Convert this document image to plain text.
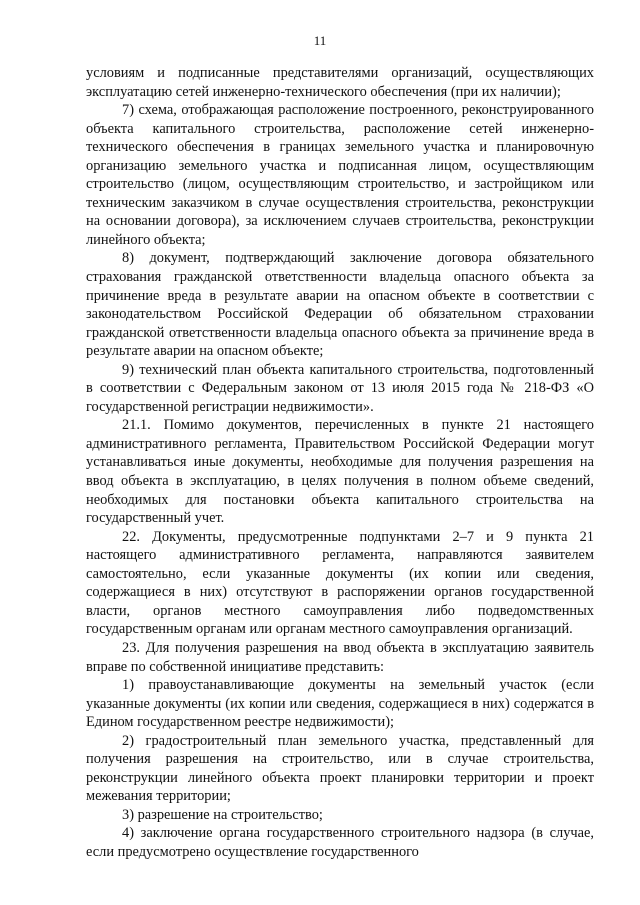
11

условиям и подписанные представителями организаций, осуществляющих эксплуатацию сетей инженерно-технического обеспечения (при их наличии);

7) схема, отображающая расположение построенного, реконструированного объекта капитального строительства, расположение сетей инженерно-технического обеспечения в границах земельного участка и планировочную организацию земельного участка и подписанная лицом, осуществляющим строительство (лицом, осуществляющим строительство, и застройщиком или техническим заказчиком в случае осуществления строительства, реконструкции на основании договора), за исключением случаев строительства, реконструкции линейного объекта;

8) документ, подтверждающий заключение договора обязательного страхования гражданской ответственности владельца опасного объекта за причинение вреда в результате аварии на опасном объекте в соответствии с законодательством Российской Федерации об обязательном страховании гражданской ответственности владельца опасного объекта за причинение вреда в результате аварии на опасном объекте;

9) технический план объекта капитального строительства, подготовленный в соответствии с Федеральным законом от 13 июля 2015 года № 218-ФЗ «О государственной регистрации недвижимости».

21.1. Помимо документов, перечисленных в пункте 21 настоящего административного регламента, Правительством Российской Федерации могут устанавливаться иные документы, необходимые для получения разрешения на ввод объекта в эксплуатацию, в целях получения в полном объеме сведений, необходимых для постановки объекта капитального строительства на государственный учет.

22. Документы, предусмотренные подпунктами 2–7 и 9 пункта 21 настоящего административного регламента, направляются заявителем самостоятельно, если указанные документы (их копии или сведения, содержащиеся в них) отсутствуют в распоряжении органов государственной власти, органов местного самоуправления либо подведомственных государственным органам или органам местного самоуправления организаций.

23. Для получения разрешения на ввод объекта в эксплуатацию заявитель вправе по собственной инициативе представить:

1) правоустанавливающие документы на земельный участок (если указанные документы (их копии или сведения, содержащиеся в них) содержатся в Едином государственном реестре недвижимости);

2) градостроительный план земельного участка, представленный для получения разрешения на строительство, или в случае строительства, реконструкции линейного объекта проект планировки территории и проект межевания территории;

3) разрешение на строительство;

4) заключение органа государственного строительного надзора (в случае, если предусмотрено осуществление государственного
